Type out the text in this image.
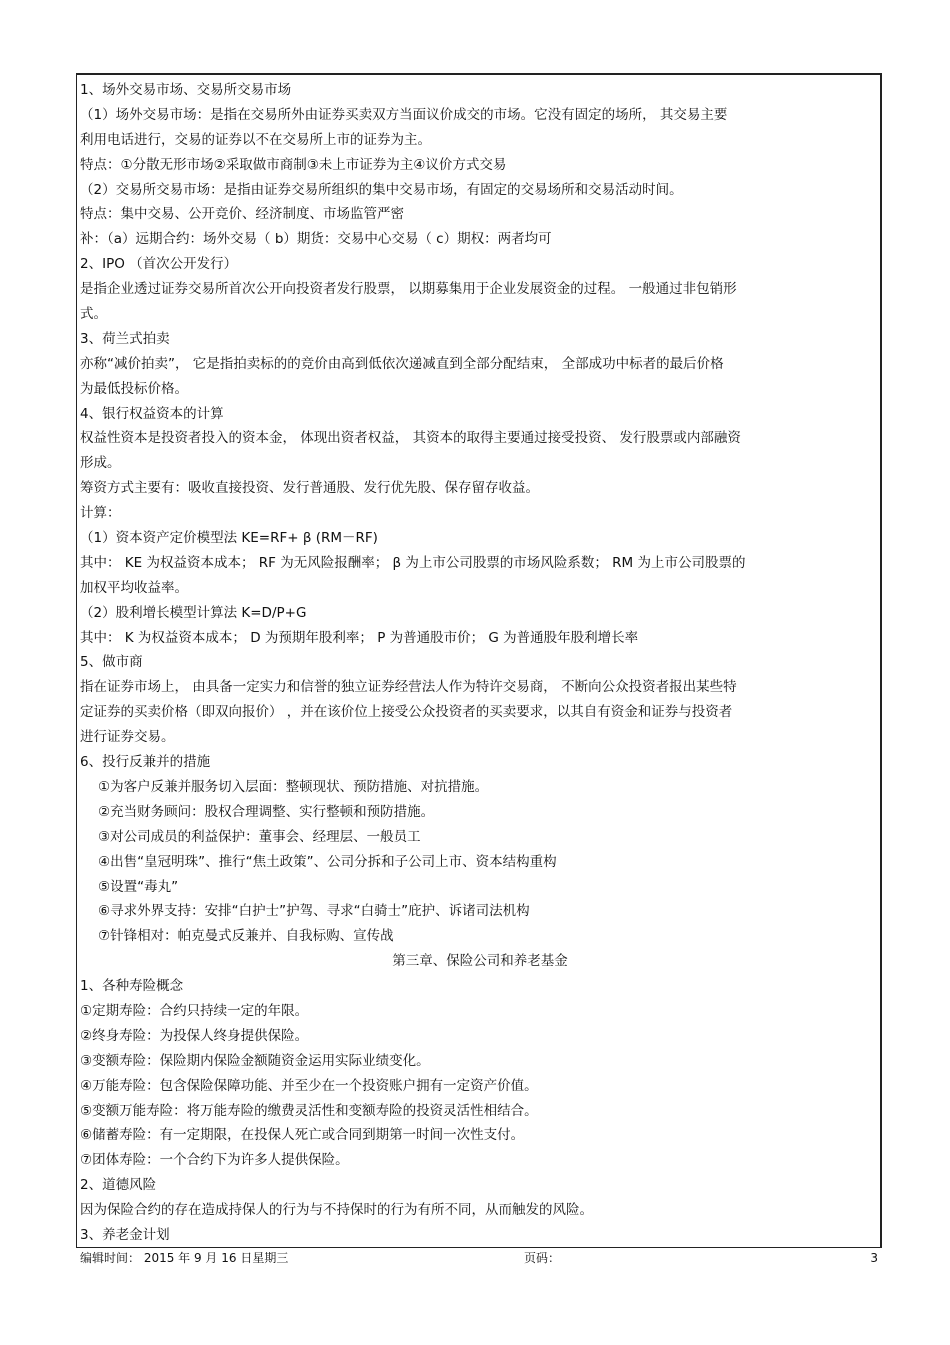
1、场外交易市场、交易所交易市场
（1）场外交易市场：是指在交易所外由证券买卖双方当面议价成交的市场。它没有固定的场所， 其交易主要
利用电话进行，交易的证券以不在交易所上市的证券为主。
特点：①分散无形市场②采取做市商制③未上市证券为主④议价方式交易
（2）交易所交易市场：是指由证券交易所组织的集中交易市场，有固定的交易场所和交易活动时间。
特点：集中交易、公开竞价、经济制度、市场监管严密
补：（a）远期合约：场外交易（ b）期货：交易中心交易（ c）期权：两者均可
2、IPO （首次公开发行）
是指企业透过证券交易所首次公开向投资者发行股票， 以期募集用于企业发展资金的过程。 一般通过非包销形
式。
3、荷兰式拍卖
亦称“减价拍卖”， 它是指拍卖标的的竞价由高到低依次递减直到全部分配结束， 全部成功中标者的最后价格
为最低投标价格。
4、银行权益资本的计算
权益性资本是投资者投入的资本金， 体现出资者权益， 其资本的取得主要通过接受投资、 发行股票或内部融资
形成。
筹资方式主要有：吸收直接投资、发行普通股、发行优先股、保存留存收益。
计算：
（1）资本资产定价模型法 KE=RF+ β (RM－RF)
其中： KE 为权益资本成本； RF 为无风险报酬率； β 为上市公司股票的市场风险系数； RM 为上市公司股票的
加权平均收益率。
（2）股利增长模型计算法 K=D/P+G
其中： K 为权益资本成本； D 为预期年股利率； P 为普通股市价； G 为普通股年股利增长率
5、做市商
指在证券市场上， 由具备一定实力和信誉的独立证券经营法人作为特许交易商， 不断向公众投资者报出某些特
定证券的买卖价格（即双向报价） ，并在该价位上接受公众投资者的买卖要求，以其自有资金和证券与投资者
进行证券交易。
6、投行反兼并的措施
①为客户反兼并服务切入层面：整顿现状、预防措施、对抗措施。
②充当财务顾问：股权合理调整、实行整顿和预防措施。
③对公司成员的利益保护：董事会、经理层、一般员工
④出售“皇冠明珠”、推行“焦土政策”、公司分拆和子公司上市、资本结构重构
⑤设置“毒丸”
⑥寻求外界支持：安排“白护士”护驾、寻求“白骑士”庇护、诉诸司法机构
⑦针锋相对：帕克曼式反兼并、自我标购、宣传战
第三章、保险公司和养老基金
1、各种寿险概念
①定期寿险：合约只持续一定的年限。
②终身寿险：为投保人终身提供保险。
③变额寿险：保险期内保险金额随资金运用实际业绩变化。
④万能寿险：包含保险保障功能、并至少在一个投资账户拥有一定资产价值。
⑤变额万能寿险：将万能寿险的缴费灵活性和变额寿险的投资灵活性相结合。
⑥储蓄寿险：有一定期限，在投保人死亡或合同到期第一时间一次性支付。
⑦团体寿险：一个合约下为许多人提供保险。
2、道德风险
因为保险合约的存在造成持保人的行为与不持保时的行为有所不同，从而触发的风险。
3、养老金计划
编辑时间： 2015 年 9 月 16 日星期三	页码：	3
